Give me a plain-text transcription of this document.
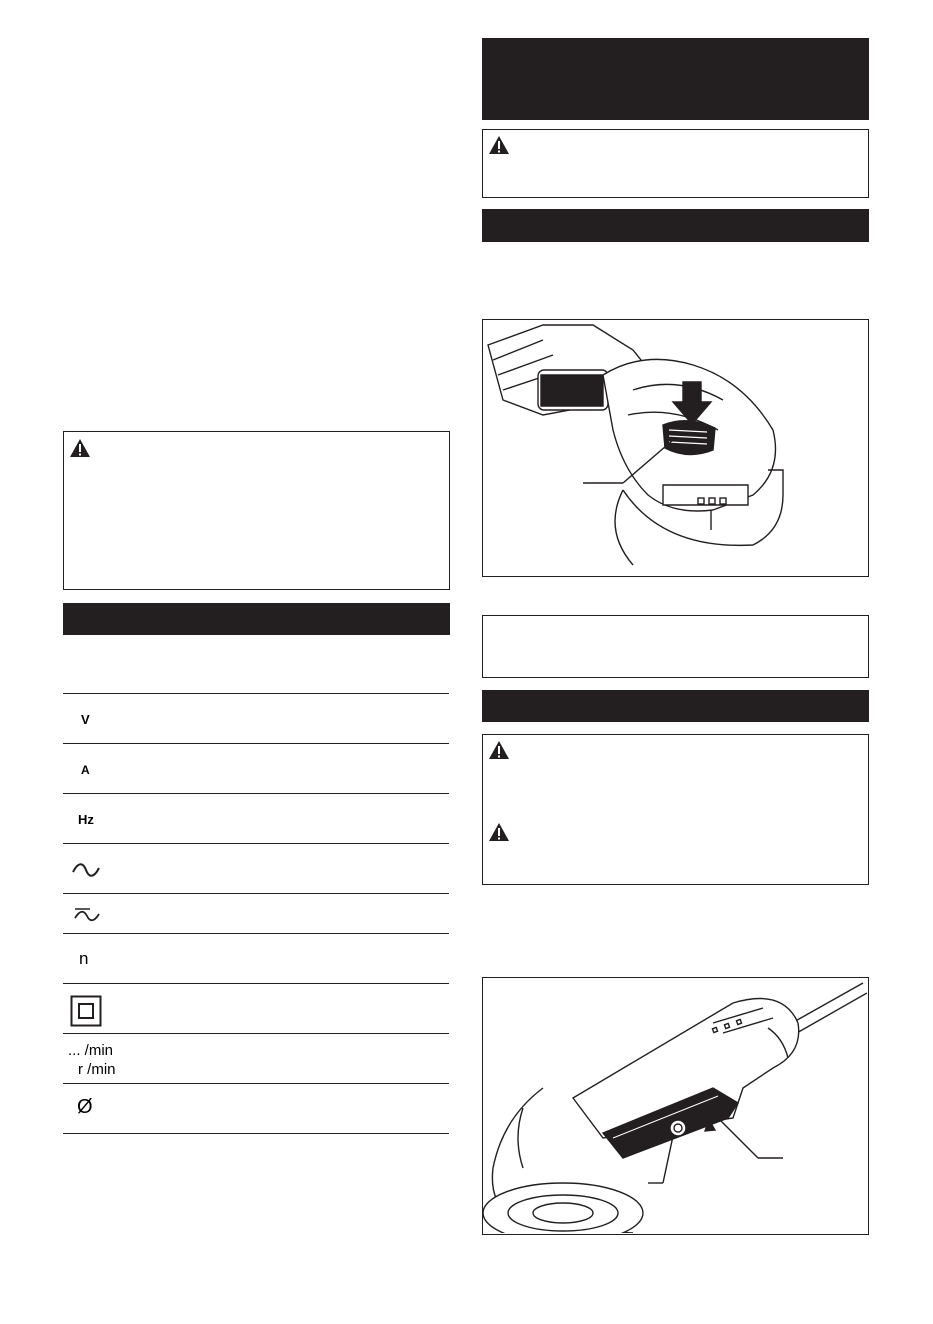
V
A
Hz
n
... /min
r /min
Ø
